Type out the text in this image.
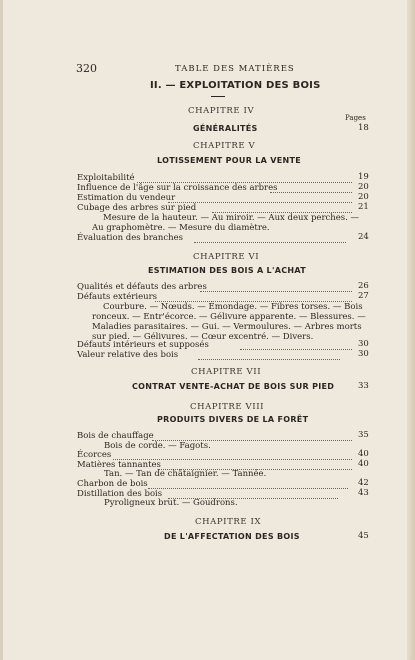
320	TABLE DES MATIÈRES
II. — EXPLOITATION DES BOIS
Pages
CHAPITRE IV
GÉNÉRALITÉS	18
CHAPITRE V
LOTISSEMENT POUR LA VENTE
Exploitabilité	19
Influence de l'âge sur la croissance des arbres	20
Estimation du vendeur	20
Cubage des arbres sur pied	21
Mesure de la hauteur. — Au miroir. — Aux deux perches. —
Au graphomètre. — Mesure du diamètre.
Évaluation des branches	24
CHAPITRE VI
ESTIMATION DES BOIS A L'ACHAT
Qualités et défauts des arbres	26
Défauts extérieurs	27
Courbure. — Nœuds. — Émondage. — Fibres torses. — Bois
ronceux. — Entr'écorce. — Gélivure apparente. — Blessures. —
Maladies parasitaires. — Gui. — Vermoulures. — Arbres morts
sur pied. — Gélivures. — Cœur excentré. — Divers.
Défauts intérieurs et supposés	30
Valeur relative des bois	30
CHAPITRE VII
CONTRAT VENTE-ACHAT DE BOIS SUR PIED	33
CHAPITRE VIII
PRODUITS DIVERS DE LA FORÊT
Bois de chauffage	35
Bois de corde. — Fagots.
Écorces	40
Matières tannantes	40
Tan. — Tan de châtaignier. — Tannée.
Charbon de bois	42
Distillation des bois	43
Pyroligneux brut. — Goudrons.
CHAPITRE IX
DE L'AFFECTATION DES BOIS	45
